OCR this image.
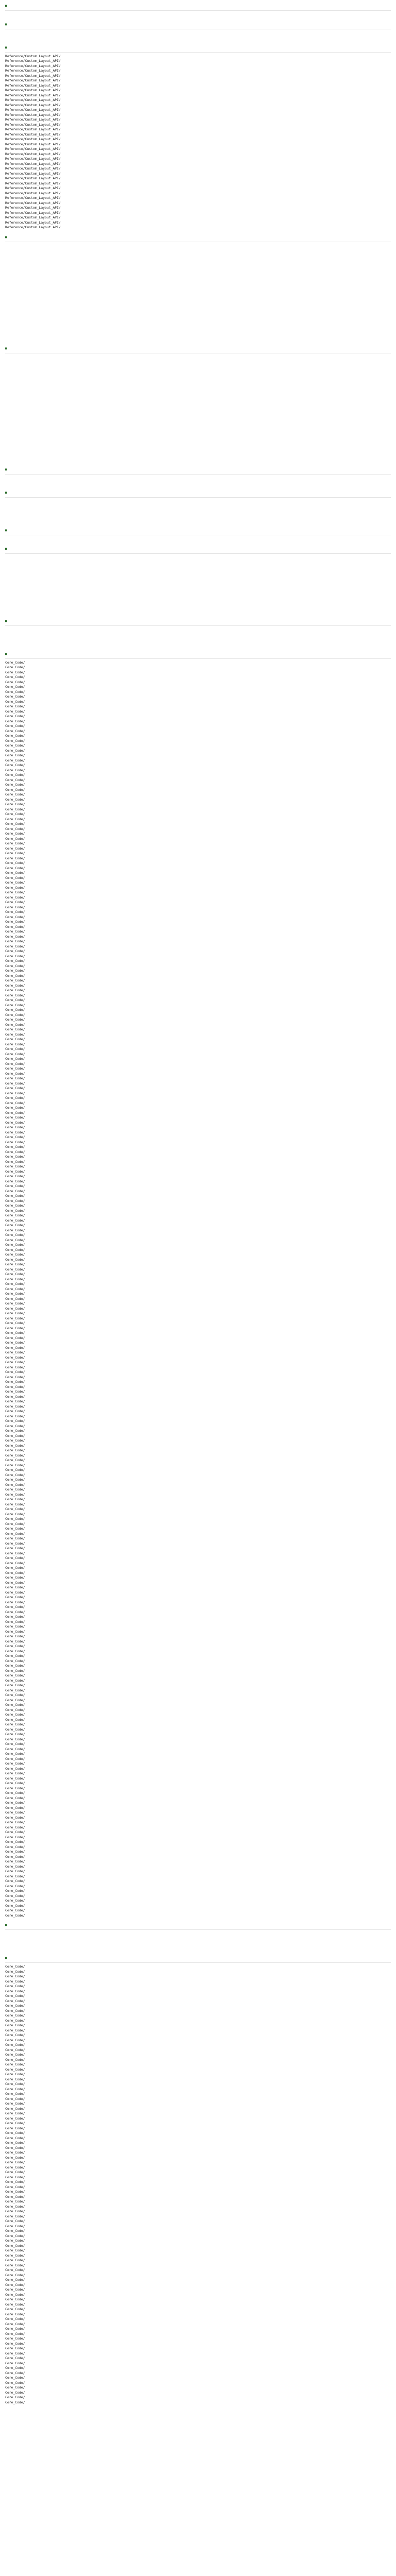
■
■
■
Reference/Custom_Layout_API/
Reference/Custom_Layout_API/
Reference/Custom_Layout_API/
Reference/Custom_Layout_API/
Reference/Custom_Layout_API/
Reference/Custom_Layout_API/
Reference/Custom_Layout_API/
Reference/Custom_Layout_API/
Reference/Custom_Layout_API/
Reference/Custom_Layout_API/
Reference/Custom_Layout_API/
Reference/Custom_Layout_API/
Reference/Custom_Layout_API/
Reference/Custom_Layout_API/
Reference/Custom_Layout_API/
Reference/Custom_Layout_API/
Reference/Custom_Layout_API/
Reference/Custom_Layout_API/
Reference/Custom_Layout_API/
Reference/Custom_Layout_API/
Reference/Custom_Layout_API/
Reference/Custom_Layout_API/
Reference/Custom_Layout_API/
Reference/Custom_Layout_API/
Reference/Custom_Layout_API/
Reference/Custom_Layout_API/
Reference/Custom_Layout_API/
Reference/Custom_Layout_API/
Reference/Custom_Layout_API/
Reference/Custom_Layout_API/
Reference/Custom_Layout_API/
Reference/Custom_Layout_API/
Reference/Custom_Layout_API/
Reference/Custom_Layout_API/
Reference/Custom_Layout_API/
Reference/Custom_Layout_API/
■
■
■
■
■
■
■
■
Core_Code/
Core_Code/
Core_Code/
Core_Code/
Core_Code/
Core_Code/
Core_Code/
Core_Code/
Core_Code/
Core_Code/
Core_Code/
Core_Code/
Core_Code/
Core_Code/
Core_Code/
Core_Code/
Core_Code/
Core_Code/
Core_Code/
Core_Code/
Core_Code/
Core_Code/
Core_Code/
Core_Code/
Core_Code/
Core_Code/
Core_Code/
Core_Code/
Core_Code/
Core_Code/
Core_Code/
Core_Code/
Core_Code/
Core_Code/
Core_Code/
Core_Code/
Core_Code/
Core_Code/
Core_Code/
Core_Code/
Core_Code/
Core_Code/
Core_Code/
Core_Code/
Core_Code/
Core_Code/
Core_Code/
Core_Code/
Core_Code/
Core_Code/
Core_Code/
Core_Code/
Core_Code/
Core_Code/
Core_Code/
Core_Code/
Core_Code/
Core_Code/
Core_Code/
Core_Code/
Core_Code/
Core_Code/
Core_Code/
Core_Code/
Core_Code/
Core_Code/
Core_Code/
Core_Code/
Core_Code/
Core_Code/
Core_Code/
Core_Code/
Core_Code/
Core_Code/
Core_Code/
Core_Code/
Core_Code/
Core_Code/
Core_Code/
Core_Code/
Core_Code/
Core_Code/
Core_Code/
Core_Code/
Core_Code/
Core_Code/
Core_Code/
Core_Code/
Core_Code/
Core_Code/
Core_Code/
Core_Code/
Core_Code/
Core_Code/
Core_Code/
Core_Code/
Core_Code/
Core_Code/
Core_Code/
Core_Code/
Core_Code/
Core_Code/
Core_Code/
Core_Code/
Core_Code/
Core_Code/
Core_Code/
Core_Code/
Core_Code/
Core_Code/
Core_Code/
Core_Code/
Core_Code/
Core_Code/
Core_Code/
Core_Code/
Core_Code/
Core_Code/
Core_Code/
Core_Code/
Core_Code/
Core_Code/
Core_Code/
Core_Code/
Core_Code/
Core_Code/
Core_Code/
Core_Code/
Core_Code/
Core_Code/
Core_Code/
Core_Code/
Core_Code/
Core_Code/
Core_Code/
Core_Code/
Core_Code/
Core_Code/
Core_Code/
Core_Code/
Core_Code/
Core_Code/
Core_Code/
Core_Code/
Core_Code/
Core_Code/
Core_Code/
Core_Code/
Core_Code/
Core_Code/
Core_Code/
Core_Code/
Core_Code/
Core_Code/
Core_Code/
Core_Code/
Core_Code/
Core_Code/
Core_Code/
Core_Code/
Core_Code/
Core_Code/
Core_Code/
Core_Code/
Core_Code/
Core_Code/
Core_Code/
Core_Code/
Core_Code/
Core_Code/
Core_Code/
Core_Code/
Core_Code/
Core_Code/
Core_Code/
Core_Code/
Core_Code/
Core_Code/
Core_Code/
Core_Code/
Core_Code/
Core_Code/
Core_Code/
Core_Code/
Core_Code/
Core_Code/
Core_Code/
Core_Code/
Core_Code/
Core_Code/
Core_Code/
Core_Code/
Core_Code/
Core_Code/
Core_Code/
Core_Code/
Core_Code/
Core_Code/
Core_Code/
Core_Code/
Core_Code/
Core_Code/
Core_Code/
Core_Code/
Core_Code/
Core_Code/
Core_Code/
Core_Code/
Core_Code/
Core_Code/
Core_Code/
Core_Code/
Core_Code/
Core_Code/
Core_Code/
Core_Code/
Core_Code/
Core_Code/
Core_Code/
Core_Code/
Core_Code/
Core_Code/
Core_Code/
Core_Code/
Core_Code/
Core_Code/
Core_Code/
Core_Code/
Core_Code/
Core_Code/
Core_Code/
Core_Code/
Core_Code/
Core_Code/
Core_Code/
Core_Code/
Core_Code/
Core_Code/
Core_Code/
Core_Code/
Core_Code/
Core_Code/
Core_Code/
Core_Code/
Core_Code/
Core_Code/
Core_Code/
Core_Code/
Core_Code/
Core_Code/
Core_Code/
Core_Code/
Core_Code/
Core_Code/
Core_Code/
Core_Code/
Core_Code/
■
■
Core_Code/
Core_Code/
Core_Code/
Core_Code/
Core_Code/
Core_Code/
Core_Code/
Core_Code/
Core_Code/
Core_Code/
Core_Code/
Core_Code/
Core_Code/
Core_Code/
Core_Code/
Core_Code/
Core_Code/
Core_Code/
Core_Code/
Core_Code/
Core_Code/
Core_Code/
Core_Code/
Core_Code/
Core_Code/
Core_Code/
Core_Code/
Core_Code/
Core_Code/
Core_Code/
Core_Code/
Core_Code/
Core_Code/
Core_Code/
Core_Code/
Core_Code/
Core_Code/
Core_Code/
Core_Code/
Core_Code/
Core_Code/
Core_Code/
Core_Code/
Core_Code/
Core_Code/
Core_Code/
Core_Code/
Core_Code/
Core_Code/
Core_Code/
Core_Code/
Core_Code/
Core_Code/
Core_Code/
Core_Code/
Core_Code/
Core_Code/
Core_Code/
Core_Code/
Core_Code/
Core_Code/
Core_Code/
Core_Code/
Core_Code/
Core_Code/
Core_Code/
Core_Code/
Core_Code/
Core_Code/
Core_Code/
Core_Code/
Core_Code/
Core_Code/
Core_Code/
Core_Code/
Core_Code/
Core_Code/
Core_Code/
Core_Code/
Core_Code/
Core_Code/
Core_Code/
Core_Code/
Core_Code/
Core_Code/
Core_Code/
Core_Code/
Core_Code/
Core_Code/
Core_Code/
